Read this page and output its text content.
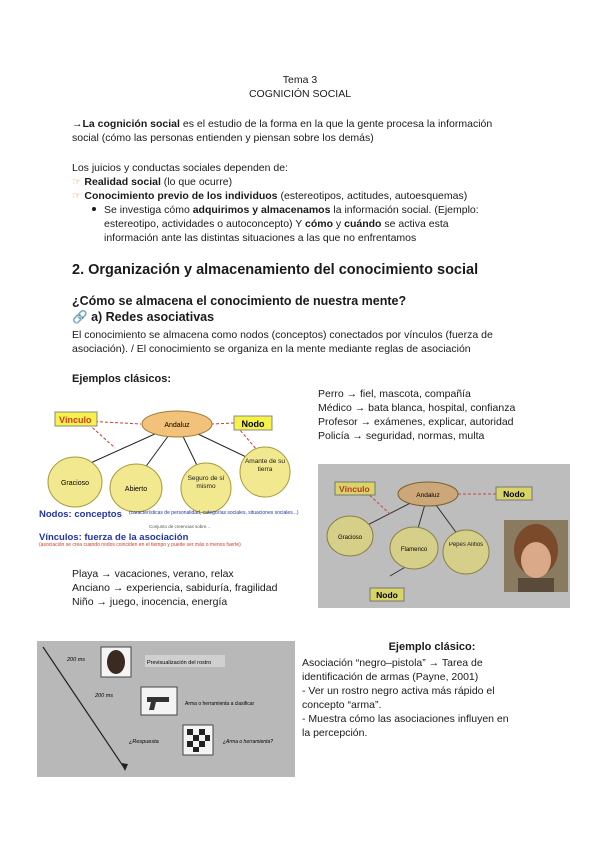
Tema 3
COGNICIÓN SOCIAL
→La cognición social es el estudio de la forma en la que la gente procesa la información
social (cómo las personas entienden y piensan sobre los demás)
Los juicios y conductas sociales dependen de:
☞ Realidad social (lo que ocurre)
☞ Conocimiento previo de los individuos (estereotipos, actitudes, autoesquemas)
Se investiga cómo adquirimos y almacenamos la información social. (Ejemplo:
estereotipo, actividades o autoconcepto) Y cómo y cuándo se activa esta
información ante las distintas situaciones a las que no enfrentamos
2. Organización y almacenamiento del conocimiento social
¿Cómo se almacena el conocimiento de nuestra mente?
🔗 a) Redes asociativas
El conocimiento se almacena como nodos (conceptos) conectados por vínculos (fuerza de
asociación). / El conocimiento se organiza en la mente mediante reglas de asociación
Ejemplos clásicos:
Perro → fiel, mascota, compañía
Médico → bata blanca, hospital, confianza
Profesor → exámenes, explicar, autoridad
Policía → seguridad, normas, multa
Andaluz
Vínculo	Nodo
Gracioso
Abierto
Seguro de sí mismo
Amante de su tierra
Nodos: conceptos (características de personalidad, categorías sociales, situaciones sociales...)
Conjunto de creencias sobre...
Vínculos: fuerza de la asociación
(asociación se crea cuando nodos coinciden en el tiempo y puede ser más o menos fuerte)
Andaluz
Vínculo	Nodo
Gracioso
Flamenco
Pepes Alifios
Nodo
Playa → vacaciones, verano, relax
Anciano → experiencia, sabiduría, fragilidad
Niño → juego, inocencia, energía
200 ms	Previsualización del rostro
200 ms
Arma o herramienta a clasificar
¿Respuesta	¿Arma o herramienta?
Ejemplo clásico:
Asociación “negro–pistola” → Tarea de
identificación de armas (Payne, 2001)
- Ver un rostro negro activa más rápido el
concepto “arma”.
- Muestra cómo las asociaciones influyen en
la percepción.
